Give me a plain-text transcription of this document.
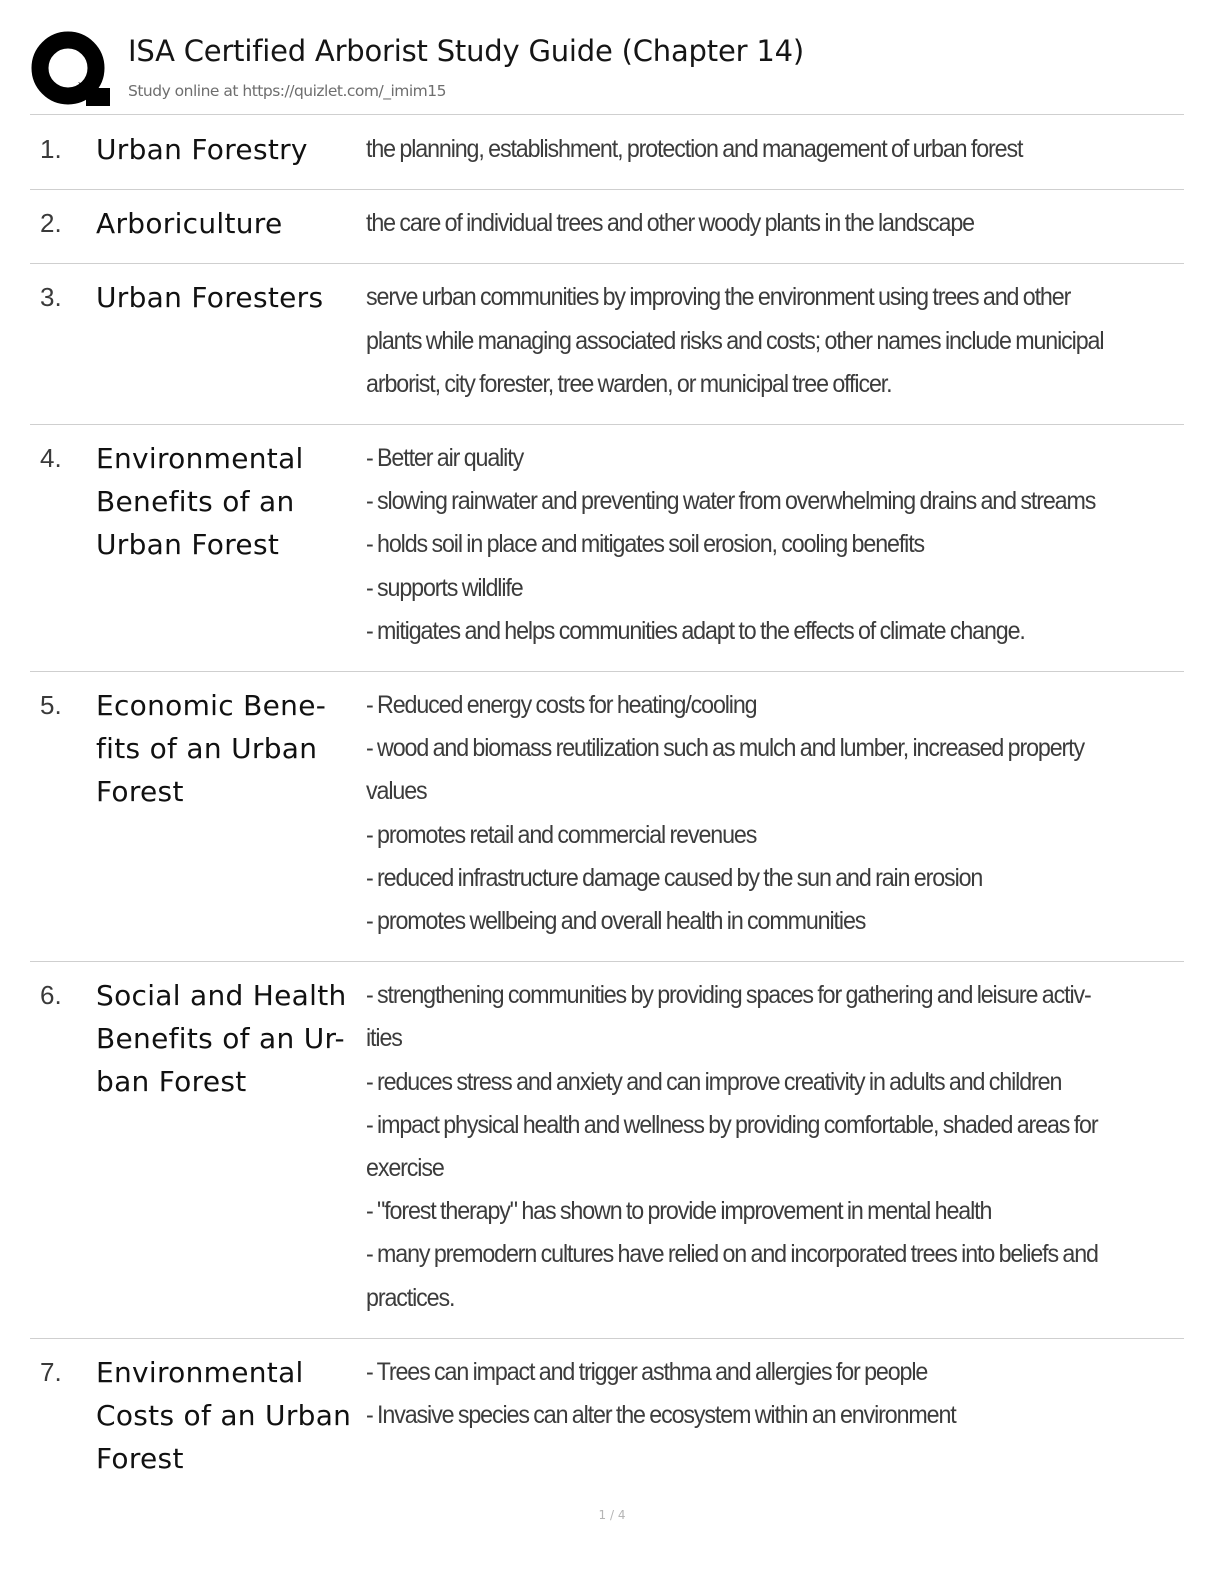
ISA Certified Arborist Study Guide (Chapter 14)
Study online at https://quizlet.com/_imim15
1.	Urban Forestry	the planning, establishment, protection and management of urban forest
2.	Arboriculture	the care of individual trees and other woody plants in the landscape
3.	Urban Foresters	serve urban communities by improving the environment using trees and other
plants while managing associated risks and costs; other names include municipal
arborist, city forester, tree warden, or municipal tree officer.
4.	Environmental Benefits of an Urban Forest
- Better air quality
- slowing rainwater and preventing water from overwhelming drains and streams
- holds soil in place and mitigates soil erosion, cooling benefits
- supports wildlife
- mitigates and helps communities adapt to the effects of climate change.
5.	Economic Bene-fits of an Urban Forest
- Reduced energy costs for heating/cooling
- wood and biomass reutilization such as mulch and lumber, increased property
values
- promotes retail and commercial revenues
- reduced infrastructure damage caused by the sun and rain erosion
- promotes wellbeing and overall health in communities
6.	Social and Health Benefits of an Ur-ban Forest
- strengthening communities by providing spaces for gathering and leisure activ-
ities
- reduces stress and anxiety and can improve creativity in adults and children
- impact physical health and wellness by providing comfortable, shaded areas for
exercise
- "forest therapy" has shown to provide improvement in mental health
- many premodern cultures have relied on and incorporated trees into beliefs and
practices.
7.	Environmental Costs of an Urban Forest
- Trees can impact and trigger asthma and allergies for people
- Invasive species can alter the ecosystem within an environment
1 / 4
